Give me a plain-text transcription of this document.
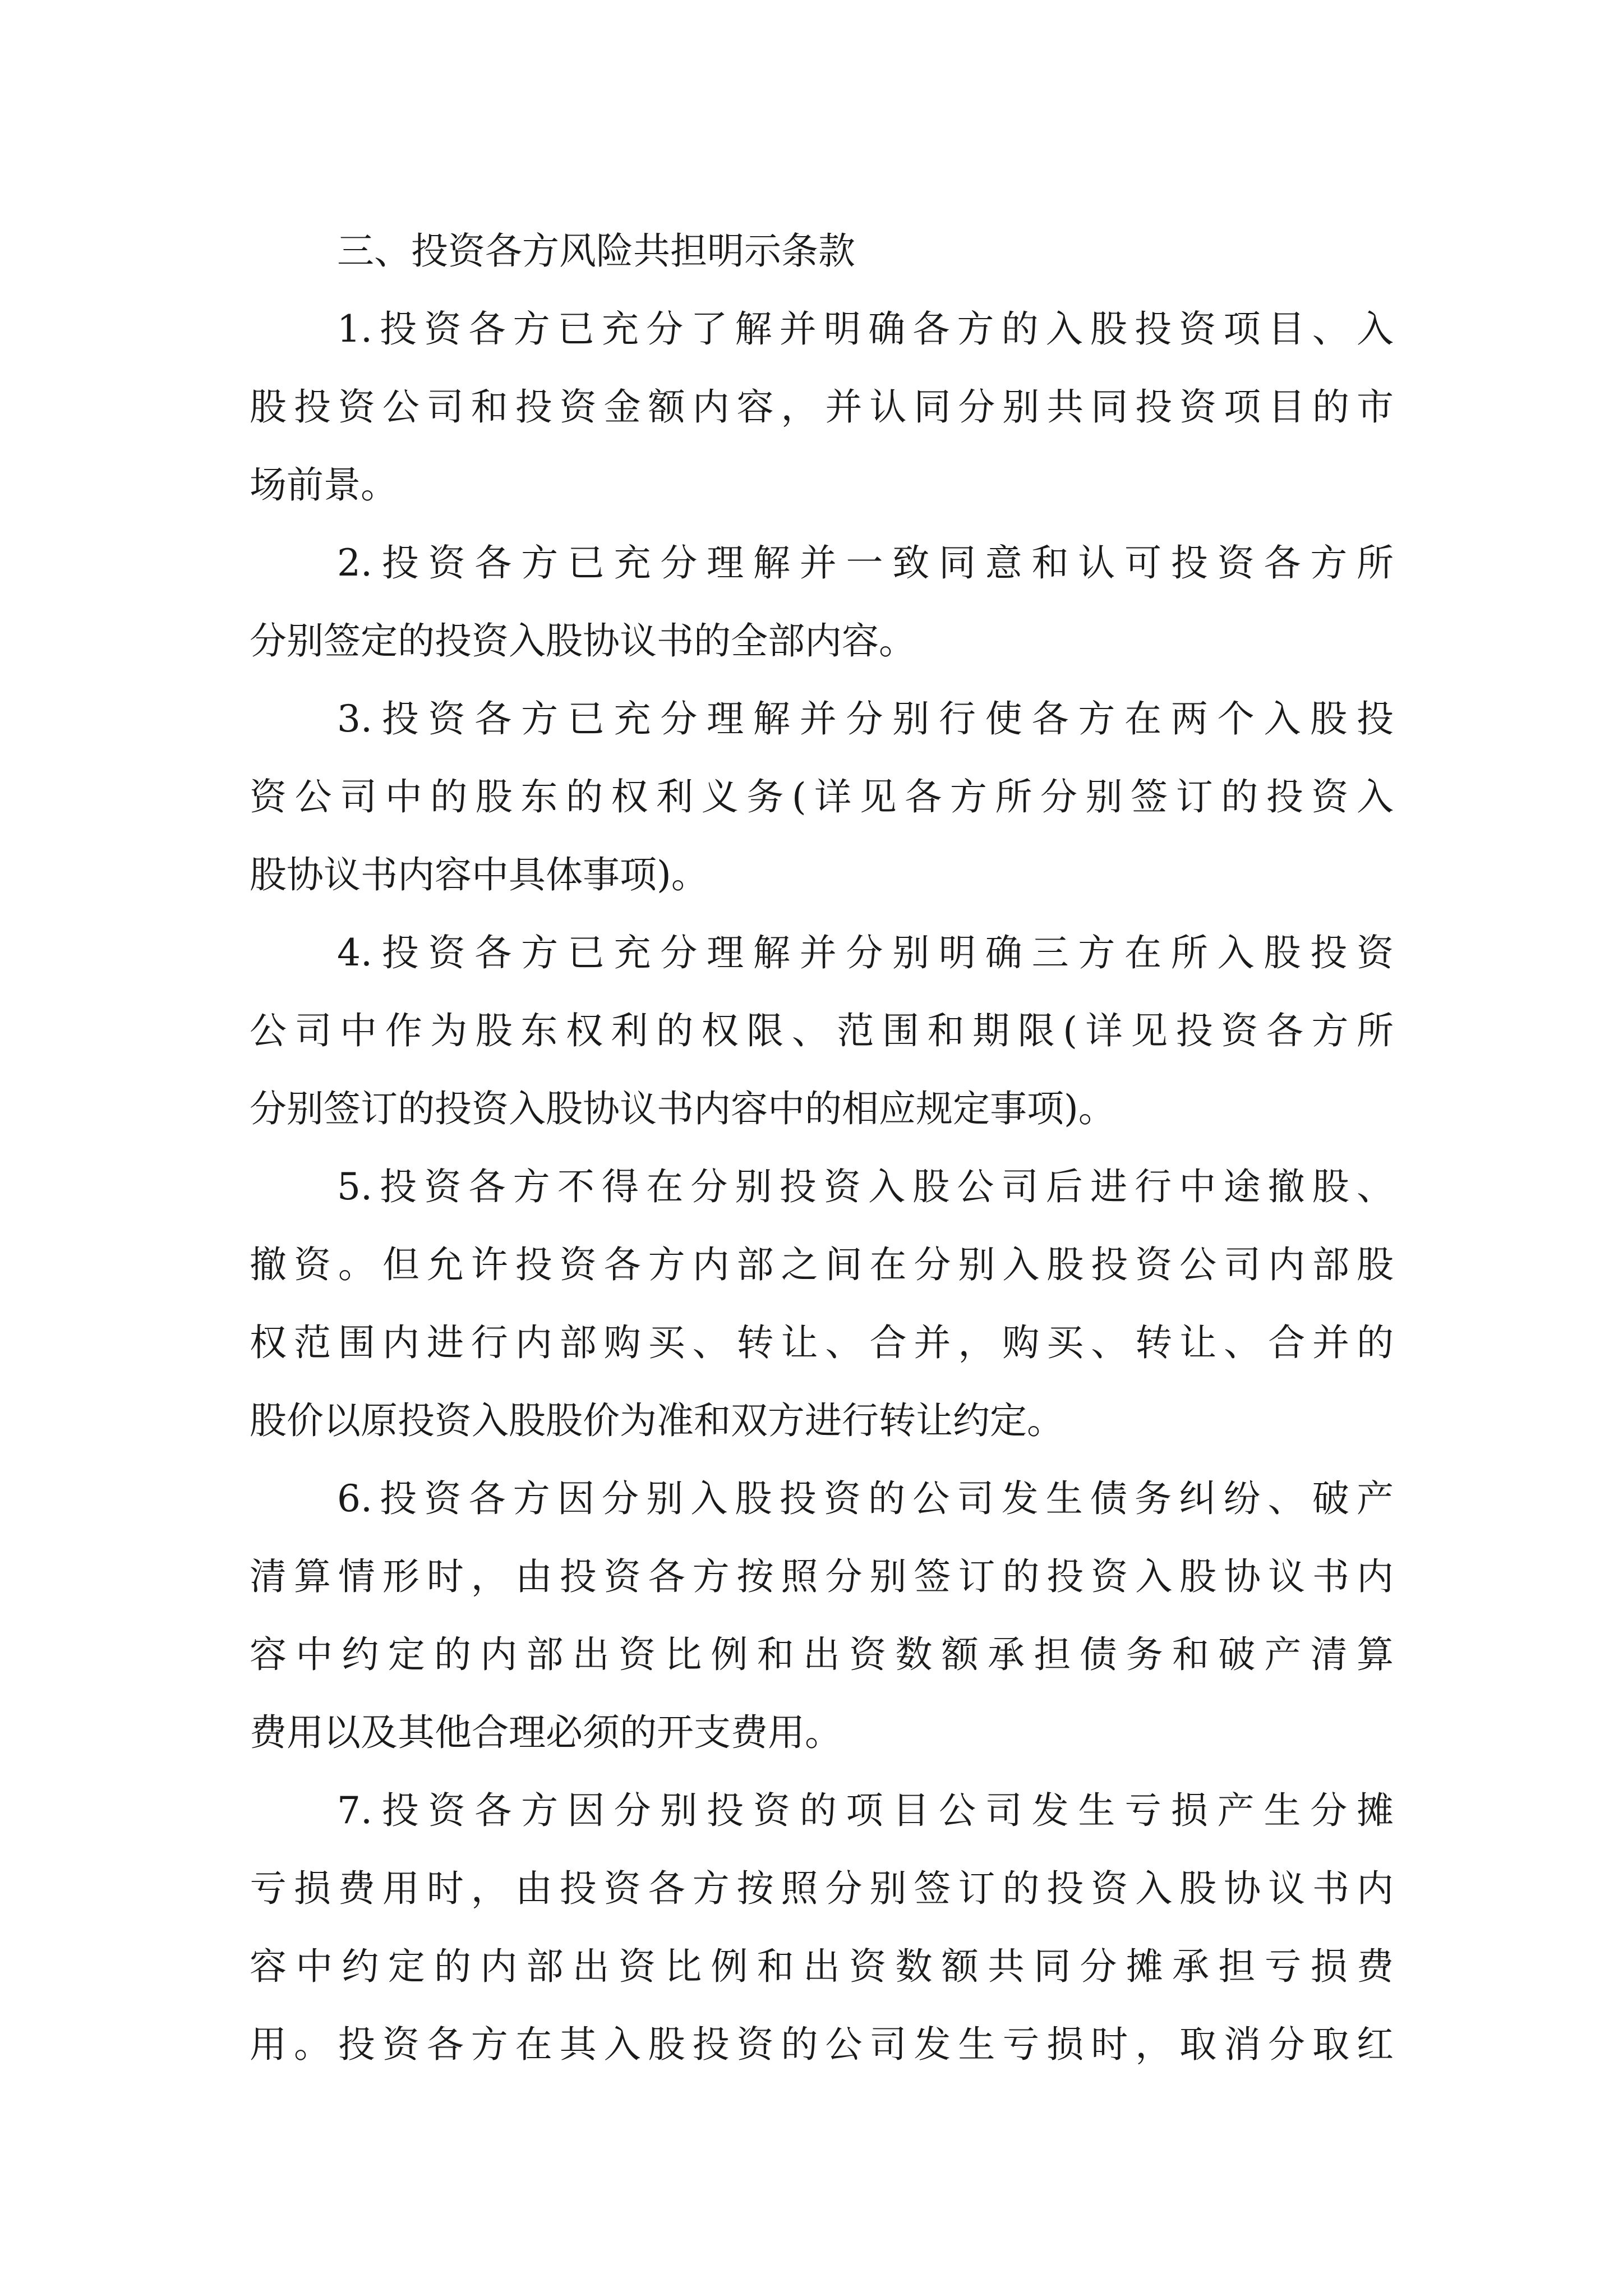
三、投资各方风险共担明示条款
1.投资各方已充分了解并明确各方的入股投资项目、入
股投资公司和投资金额内容，并认同分别共同投资项目的市
场前景。
2.投资各方已充分理解并一致同意和认可投资各方所
分别签定的投资入股协议书的全部内容。
3.投资各方已充分理解并分别行使各方在两个入股投
资公司中的股东的权利义务(详见各方所分别签订的投资入
股协议书内容中具体事项)。
4.投资各方已充分理解并分别明确三方在所入股投资
公司中作为股东权利的权限、范围和期限(详见投资各方所
分别签订的投资入股协议书内容中的相应规定事项)。
5.投资各方不得在分别投资入股公司后进行中途撤股、
撤资。但允许投资各方内部之间在分别入股投资公司内部股
权范围内进行内部购买、转让、合并，购买、转让、合并的
股价以原投资入股股价为准和双方进行转让约定。
6.投资各方因分别入股投资的公司发生债务纠纷、破产
清算情形时，由投资各方按照分别签订的投资入股协议书内
容中约定的内部出资比例和出资数额承担债务和破产清算
费用以及其他合理必须的开支费用。
7.投资各方因分别投资的项目公司发生亏损产生分摊
亏损费用时，由投资各方按照分别签订的投资入股协议书内
容中约定的内部出资比例和出资数额共同分摊承担亏损费
用。投资各方在其入股投资的公司发生亏损时，取消分取红
